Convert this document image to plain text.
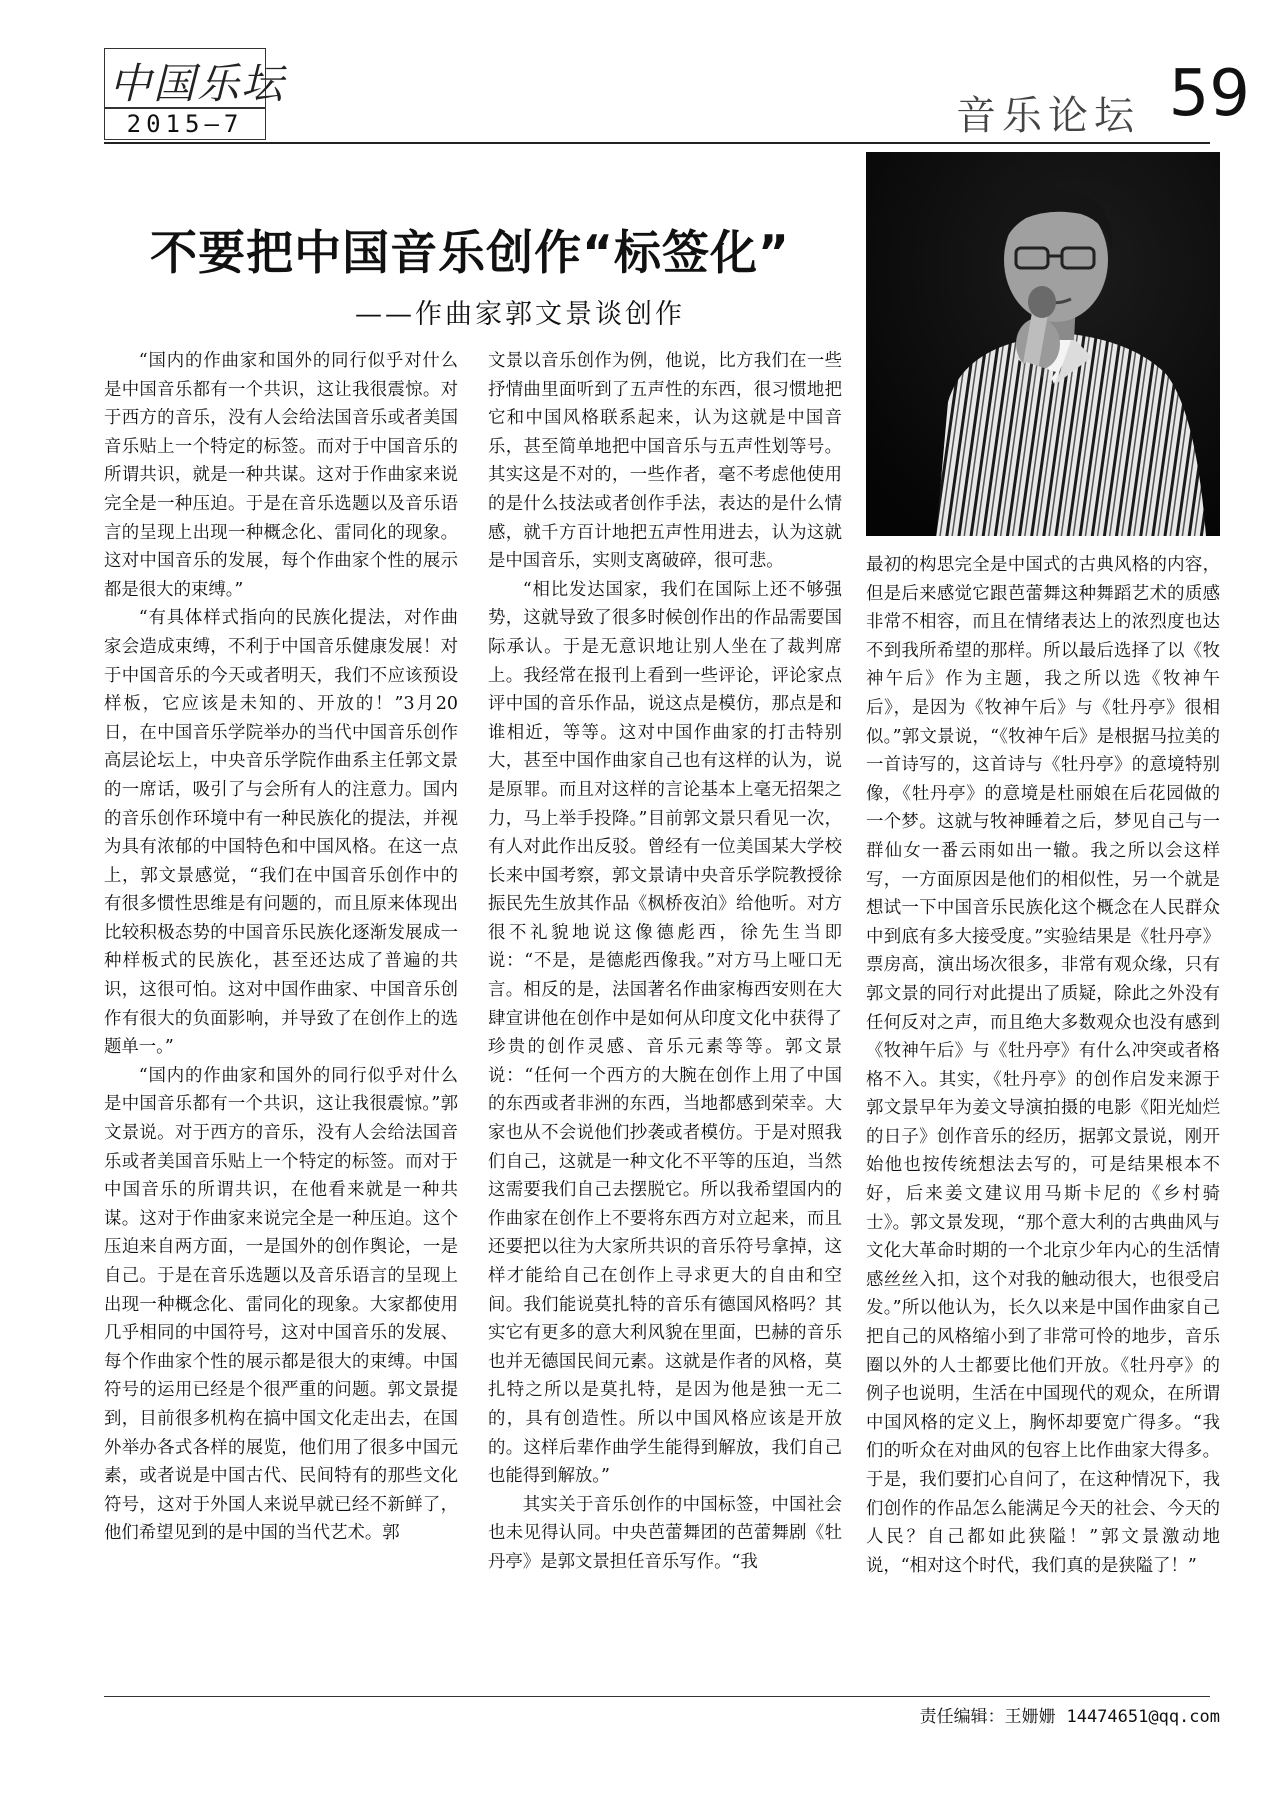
中国乐坛
2015—7	音乐论坛 59
不要把中国音乐创作“标签化”
——作曲家郭文景谈创作

“国内的作曲家和国外的同行似乎对什么是中国音乐都有一个共识，这让我很震惊。对于西方的音乐，没有人会给法国音乐或者美国音乐贴上一个特定的标签。而对于中国音乐的所谓共识，就是一种共谋。这对于作曲家来说完全是一种压迫。于是在音乐选题以及音乐语言的呈现上出现一种概念化、雷同化的现象。这对中国音乐的发展，每个作曲家个性的展示都是很大的束缚。”

“有具体样式指向的民族化提法，对作曲家会造成束缚，不利于中国音乐健康发展！对于中国音乐的今天或者明天，我们不应该预设样板，它应该是未知的、开放的！”3月20日，在中国音乐学院举办的当代中国音乐创作高层论坛上，中央音乐学院作曲系主任郭文景的一席话，吸引了与会所有人的注意力。国内的音乐创作环境中有一种民族化的提法，并视为具有浓郁的中国特色和中国风格。在这一点上，郭文景感觉，“我们在中国音乐创作中的有很多惯性思维是有问题的，而且原来体现出比较积极态势的中国音乐民族化逐渐发展成一种样板式的民族化，甚至还达成了普遍的共识，这很可怕。这对中国作曲家、中国音乐创作有很大的负面影响，并导致了在创作上的选题单一。”

“国内的作曲家和国外的同行似乎对什么是中国音乐都有一个共识，这让我很震惊。”郭文景说。对于西方的音乐，没有人会给法国音乐或者美国音乐贴上一个特定的标签。而对于中国音乐的所谓共识，在他看来就是一种共谋。这对于作曲家来说完全是一种压迫。这个压迫来自两方面，一是国外的创作舆论，一是自己。于是在音乐选题以及音乐语言的呈现上出现一种概念化、雷同化的现象。大家都使用几乎相同的中国符号，这对中国音乐的发展、每个作曲家个性的展示都是很大的束缚。中国符号的运用已经是个很严重的问题。郭文景提到，目前很多机构在搞中国文化走出去，在国外举办各式各样的展览，他们用了很多中国元素，或者说是中国古代、民间特有的那些文化符号，这对于外国人来说早就已经不新鲜了，他们希望见到的是中国的当代艺术。郭

文景以音乐创作为例，他说，比方我们在一些抒情曲里面听到了五声性的东西，很习惯地把它和中国风格联系起来，认为这就是中国音乐，甚至简单地把中国音乐与五声性划等号。其实这是不对的，一些作者，毫不考虑他使用的是什么技法或者创作手法，表达的是什么情感，就千方百计地把五声性用进去，认为这就是中国音乐，实则支离破碎，很可悲。

“相比发达国家，我们在国际上还不够强势，这就导致了很多时候创作出的作品需要国际承认。于是无意识地让别人坐在了裁判席上。我经常在报刊上看到一些评论，评论家点评中国的音乐作品，说这点是模仿，那点是和谁相近，等等。这对中国作曲家的打击特别大，甚至中国作曲家自己也有这样的认为，说是原罪。而且对这样的言论基本上毫无招架之力，马上举手投降。”目前郭文景只看见一次，有人对此作出反驳。曾经有一位美国某大学校长来中国考察，郭文景请中央音乐学院教授徐振民先生放其作品《枫桥夜泊》给他听。对方很不礼貌地说这像德彪西，徐先生当即说：“不是，是德彪西像我。”对方马上哑口无言。相反的是，法国著名作曲家梅西安则在大肆宣讲他在创作中是如何从印度文化中获得了珍贵的创作灵感、音乐元素等等。郭文景说：“任何一个西方的大腕在创作上用了中国的东西或者非洲的东西，当地都感到荣幸。大家也从不会说他们抄袭或者模仿。于是对照我们自己，这就是一种文化不平等的压迫，当然这需要我们自己去摆脱它。所以我希望国内的作曲家在创作上不要将东西方对立起来，而且还要把以往为大家所共识的音乐符号拿掉，这样才能给自己在创作上寻求更大的自由和空间。我们能说莫扎特的音乐有德国风格吗？其实它有更多的意大利风貌在里面，巴赫的音乐也并无德国民间元素。这就是作者的风格，莫扎特之所以是莫扎特，是因为他是独一无二的，具有创造性。所以中国风格应该是开放的。这样后辈作曲学生能得到解放，我们自己也能得到解放。”

其实关于音乐创作的中国标签，中国社会也未见得认同。中央芭蕾舞团的芭蕾舞剧《牡丹亭》是郭文景担任音乐写作。“我

最初的构思完全是中国式的古典风格的内容，但是后来感觉它跟芭蕾舞这种舞蹈艺术的质感非常不相容，而且在情绪表达上的浓烈度也达不到我所希望的那样。所以最后选择了以《牧神午后》作为主题，我之所以选《牧神午后》，是因为《牧神午后》与《牡丹亭》很相似。”郭文景说，“《牧神午后》是根据马拉美的一首诗写的，这首诗与《牡丹亭》的意境特别像，《牡丹亭》的意境是杜丽娘在后花园做的一个梦。这就与牧神睡着之后，梦见自己与一群仙女一番云雨如出一辙。我之所以会这样写，一方面原因是他们的相似性，另一个就是想试一下中国音乐民族化这个概念在人民群众中到底有多大接受度。”实验结果是《牡丹亭》票房高，演出场次很多，非常有观众缘，只有郭文景的同行对此提出了质疑，除此之外没有任何反对之声，而且绝大多数观众也没有感到《牧神午后》与《牡丹亭》有什么冲突或者格格不入。其实，《牡丹亭》的创作启发来源于郭文景早年为姜文导演拍摄的电影《阳光灿烂的日子》创作音乐的经历，据郭文景说，刚开始他也按传统想法去写的，可是结果根本不好，后来姜文建议用马斯卡尼的《乡村骑士》。郭文景发现，“那个意大利的古典曲风与文化大革命时期的一个北京少年内心的生活情感丝丝入扣，这个对我的触动很大，也很受启发。”所以他认为，长久以来是中国作曲家自己把自己的风格缩小到了非常可怜的地步，音乐圈以外的人士都要比他们开放。《牡丹亭》的例子也说明，生活在中国现代的观众，在所谓中国风格的定义上，胸怀却要宽广得多。“我们的听众在对曲风的包容上比作曲家大得多。于是，我们要扪心自问了，在这种情况下，我们创作的作品怎么能满足今天的社会、今天的人民？自己都如此狭隘！”郭文景激动地说，“相对这个时代，我们真的是狭隘了！”

责任编辑：王姗姗 14474651@qq.com
